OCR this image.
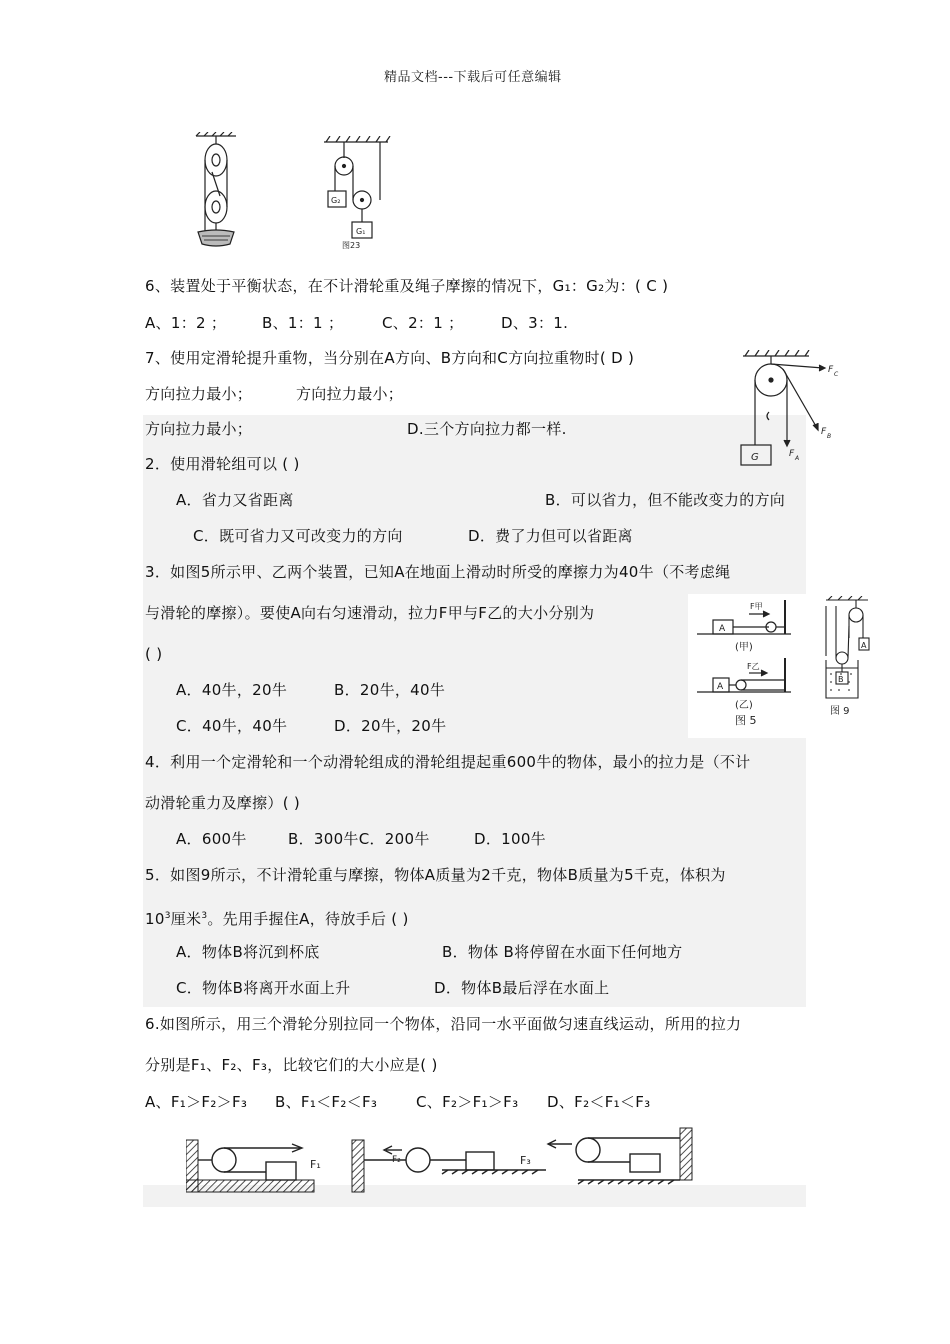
精品文档---下载后可任意编辑
G₂
G₁
图23
6、装置处于平衡状态，在不计滑轮重及绳子摩擦的情况下，G₁：G₂为：( C )
A、1：2 ； B、1：1 ；	C、2：1 ；	D、3：1.
7、使用定滑轮提升重物，当分别在A方向、B方向和C方向拉重物时( D )
方向拉力最小；	方向拉力最小；
方向拉力最小；	D.三个方向拉力都一样.
G
F C
F B
F A
2．使用滑轮组可以 ( )
A．省力又省距离	B．可以省力，但不能改变力的方向
C．既可省力又可改变力的方向	D．费了力但可以省距离
3．如图5所示甲、乙两个装置，已知A在地面上滑动时所受的摩擦力为40牛（不考虑绳
与滑轮的摩擦）。要使A向右匀速滑动，拉力F甲与F乙的大小分别为
( )
A．40牛，20牛	B．20牛，40牛
C．40牛，40牛	D．20牛，20牛
A
F甲
(甲)
A
F乙
(乙)
图 5
A
B
图 9
4．利用一个定滑轮和一个动滑轮组成的滑轮组提起重600牛的物体，最小的拉力是（不计
动滑轮重力及摩擦）( )
A．600牛	B．300牛C．200牛	D．100牛
5．如图9所示，不计滑轮重与摩擦，物体A质量为2千克，物体B质量为5千克，体积为
$10^3$厘米$^3$。先用手握住A，待放手后 ( )
A．物体B将沉到杯底	B．物体 B将停留在水面下任何地方
C．物体B将离开水面上升	D．物体B最后浮在水面上
6.如图所示，用三个滑轮分别拉同一个物体，沿同一水平面做匀速直线运动，所用的拉力
分别是F₁、F₂、F₃，比较它们的大小应是( )
A、F₁＞F₂＞F₃ B、F₁＜F₂＜F₃	C、F₂＞F₁＞F₃ D、F₂＜F₁＜F₃
F₁	F₂	F₃
